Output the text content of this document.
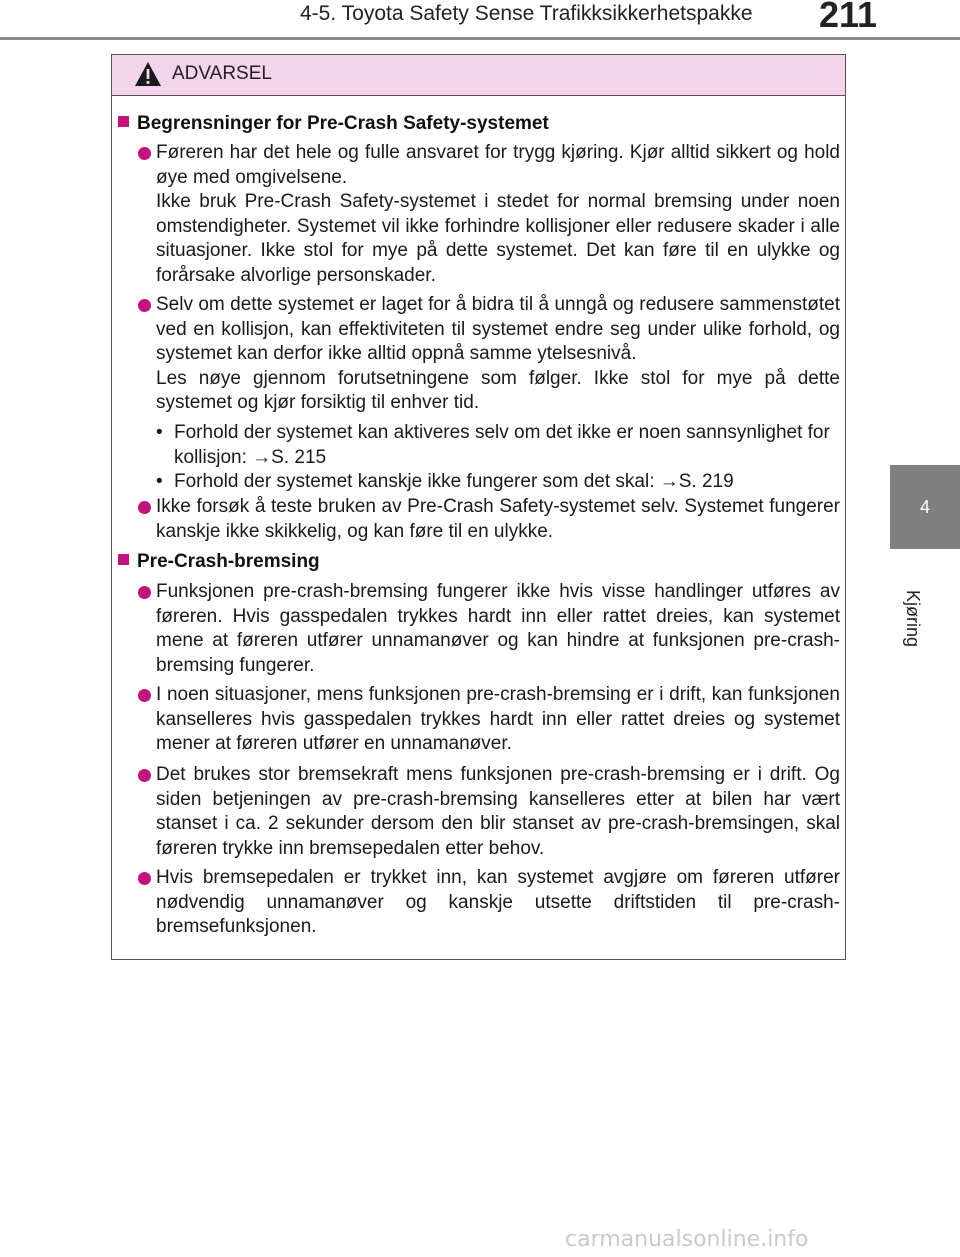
4-5. Toyota Safety Sense Trafikksikkerhetspakke 211
4
Kjøring
ADVARSEL
Begrensninger for Pre-Crash Safety-systemet

Føreren har det hele og fulle ansvaret for trygg kjøring. Kjør alltid sikkert og hold øye med omgivelsene.

Ikke bruk Pre-Crash Safety-systemet i stedet for normal bremsing under noen omstendigheter. Systemet vil ikke forhindre kollisjoner eller redusere skader i alle situasjoner. Ikke stol for mye på dette systemet. Det kan føre til en ulykke og forårsake alvorlige personskader.

Selv om dette systemet er laget for å bidra til å unngå og redusere sammenstøtet ved en kollisjon, kan effektiviteten til systemet endre seg under ulike forhold, og systemet kan derfor ikke alltid oppnå samme ytelsesnivå.

Les nøye gjennom forutsetningene som følger. Ikke stol for mye på dette systemet og kjør forsiktig til enhver tid.

• Forhold der systemet kan aktiveres selv om det ikke er noen sannsynlighet for kollisjon: →S. 215
• Forhold der systemet kanskje ikke fungerer som det skal: →S. 219

Ikke forsøk å teste bruken av Pre-Crash Safety-systemet selv. Systemet fungerer kanskje ikke skikkelig, og kan føre til en ulykke.

Pre-Crash-bremsing

Funksjonen pre-crash-bremsing fungerer ikke hvis visse handlinger utføres av føreren. Hvis gasspedalen trykkes hardt inn eller rattet dreies, kan systemet mene at føreren utfører unnamanøver og kan hindre at funksjonen pre-crash-bremsing fungerer.

I noen situasjoner, mens funksjonen pre-crash-bremsing er i drift, kan funksjonen kanselleres hvis gasspedalen trykkes hardt inn eller rattet dreies og systemet mener at føreren utfører en unnamanøver.

Det brukes stor bremsekraft mens funksjonen pre-crash-bremsing er i drift. Og siden betjeningen av pre-crash-bremsing kanselleres etter at bilen har vært stanset i ca. 2 sekunder dersom den blir stanset av pre-crash-bremsingen, skal føreren trykke inn bremsepedalen etter behov.

Hvis bremsepedalen er trykket inn, kan systemet avgjøre om føreren utfører nødvendig unnamanøver og kanskje utsette driftstiden til pre-crash-bremsefunksjonen.

carmanualsonline.info
